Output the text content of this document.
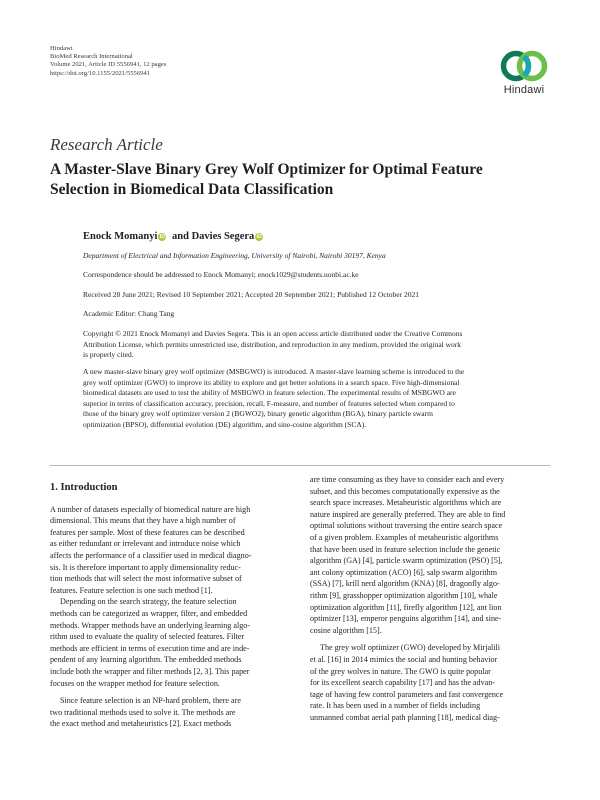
Hindawi
BioMed Research International
Volume 2021, Article ID 5556941, 12 pages
https://doi.org/10.1155/2021/5556941
Hindawi
Research Article
A Master-Slave Binary Grey Wolf Optimizer for Optimal Feature
Selection in Biomedical Data Classification
Enock Momanyi iD and Davies Segera iD
Department of Electrical and Information Engineering, University of Nairobi, Nairobi 30197, Kenya
Correspondence should be addressed to Enock Momanyi; enock1029@students.uonbi.ac.ke
Received 28 June 2021; Revised 10 September 2021; Accepted 20 September 2021; Published 12 October 2021
Academic Editor: Chang Tang
Copyright © 2021 Enock Momanyi and Davies Segera. This is an open access article distributed under the Creative Commons
Attribution License, which permits unrestricted use, distribution, and reproduction in any medium, provided the original work
is properly cited.
A new master-slave binary grey wolf optimizer (MSBGWO) is introduced. A master-slave learning scheme is introduced to the
grey wolf optimizer (GWO) to improve its ability to explore and get better solutions in a search space. Five high-dimensional
biomedical datasets are used to test the ability of MSBGWO in feature selection. The experimental results of MSBGWO are
superior in terms of classification accuracy, precision, recall, F-measure, and number of features selected when compared to
those of the binary grey wolf optimizer version 2 (BGWO2), binary genetic algorithm (BGA), binary particle swarm
optimization (BPSO), differential evolution (DE) algorithm, and sine-cosine algorithm (SCA).
1. Introduction
A number of datasets especially of biomedical nature are high
dimensional. This means that they have a high number of
features per sample. Most of these features can be described
as either redundant or irrelevant and introduce noise which
affects the performance of a classifier used in medical diagno-
sis. It is therefore important to apply dimensionality reduc-
tion methods that will select the most informative subset of
features. Feature selection is one such method [1].
Depending on the search strategy, the feature selection
methods can be categorized as wrapper, filter, and embedded
methods. Wrapper methods have an underlying learning algo-
rithm used to evaluate the quality of selected features. Filter
methods are efficient in terms of execution time and are inde-
pendent of any learning algorithm. The embedded methods
include both the wrapper and filter methods [2, 3]. This paper
focuses on the wrapper method for feature selection.
Since feature selection is an NP-hard problem, there are
two traditional methods used to solve it. The methods are
the exact method and metaheuristics [2]. Exact methods
are time consuming as they have to consider each and every
subset, and this becomes computationally expensive as the
search space increases. Metaheuristic algorithms which are
nature inspired are generally preferred. They are able to find
optimal solutions without traversing the entire search space
of a given problem. Examples of metaheuristic algorithms
that have been used in feature selection include the genetic
algorithm (GA) [4], particle swarm optimization (PSO) [5],
ant colony optimization (ACO) [6], salp swarm algorithm
(SSA) [7], krill nerd algorithm (KNA) [8], dragonfly algo-
rithm [9], grasshopper optimization algorithm [10], whale
optimization algorithm [11], firefly algorithm [12], ant lion
optimizer [13], emperor penguins algorithm [14], and sine-
cosine algorithm [15].
The grey wolf optimizer (GWO) developed by Mirjalili
et al. [16] in 2014 mimics the social and hunting behavior
of the grey wolves in nature. The GWO is quite popular
for its excellent search capability [17] and has the advan-
tage of having few control parameters and fast convergence
rate. It has been used in a number of fields including
unmanned combat aerial path planning [18], medical diag-
